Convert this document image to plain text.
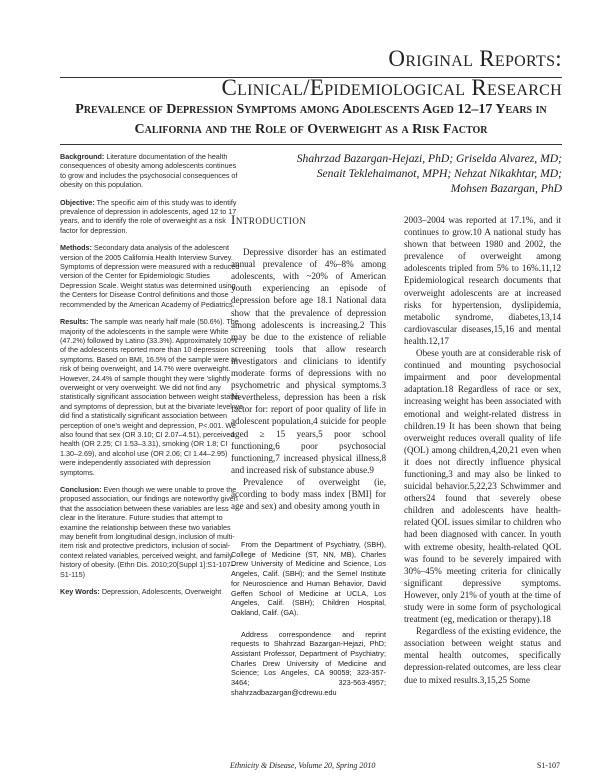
Original Reports:
Clinical/Epidemiological Research
Prevalence of Depression Symptoms among Adolescents Aged 12–17 Years in
California and the Role of Overweight as a Risk Factor

Background: Literature documentation of the health consequences of obesity among adolescents continues to grow and includes the psychosocial consequences of obesity on this population.

Objective: The specific aim of this study was to identify prevalence of depression in adolescents, aged 12 to 17 years, and to identify the role of overweight as a risk factor for depression.

Methods: Secondary data analysis of the adolescent version of the 2005 California Health Interview Survey. Symptoms of depression were measured with a reduced version of the Center for Epidemiologic Studies Depression Scale. Weight status was determined using the Centers for Disease Control definitions and those recommended by the American Academy of Pediatrics.

Results: The sample was nearly half male (50.6%). The majority of the adolescents in the sample were White (47.2%) followed by Latino (33.3%). Approximately 10% of the adolescents reported more than 10 depression symptoms. Based on BMI, 16.5% of the sample were at-risk of being overweight, and 14.7% were overweight. However, 24.4% of sample thought they were 'slightly overweight or very overweight. We did not find any statistically significant association between weight status and symptoms of depression, but at the bivariate level we did find a statistically significant association between perception of one's weight and depression, P<.001. We also found that sex (OR 3.10; CI 2.07–4.51), perceived health (OR 2.25; CI 1.53–3.31), smoking (OR 1.8; CI 1.30–2.69), and alcohol use (OR 2.06; CI 1.44–2.95) were independently associated with depression symptoms.

Conclusion: Even though we were unable to prove the proposed association, our findings are noteworthy given that the association between these variables are less clear in the literature. Future studies that attempt to examine the relationship between these two variables may benefit from longitudinal design, inclusion of multi-item risk and protective predictors, inclusion of social-context related variables, perceived weight, and family history of obesity. (Ethn Dis. 2010;20[Suppl 1]:S1-107–S1-115)

Key Words: Depression, Adolescents, Overweight

Shahrzad Bazargan-Hejazi, PhD; Griselda Alvarez, MD;
Senait Teklehaimanot, MPH; Nehzat Nikakhtar, MD;
Mohsen Bazargan, PhD
Introduction

Depressive disorder has an estimated annual prevalence of 4%–8% among adolescents, with ~20% of American youth experiencing an episode of depression before age 18.1 National data show that the prevalence of depression among adolescents is increasing.2 This may be due to the existence of reliable screening tools that allow research investigators and clinicians to identify moderate forms of depressions with no psychometric and physical symptoms.3 Nevertheless, depression has been a risk factor for: report of poor quality of life in adolescent population,4 suicide for people aged ≥ 15 years,5 poor school functioning,6 poor psychosocial functioning,7 increased physical illness,8 and increased risk of substance abuse.9

Prevalence of overweight (ie, according to body mass index [BMI] for age and sex) and obesity among youth in

From the Department of Psychiatry, (SBH), College of Medicine (ST, NN, MB), Charles Drew University of Medicine and Science, Los Angeles, Calif. (SBH); and the Semel Institute for Neuroscience and Human Behavior, David Geffen School of Medicine at UCLA, Los Angeles, Calif. (SBH); Children Hospital, Oakland, Calif. (GA).

Address correspondence and reprint requests to Shahrzad Bazargan-Hejazi, PhD; Assistant Professor, Department of Psychiatry; Charles Drew University of Medicine and Science; Los Angeles, CA 90059; 323-357-3464; 323-563-4957; shahrzadbazargan@cdrewu.edu

2003–2004 was reported at 17.1%, and it continues to grow.10 A national study has shown that between 1980 and 2002, the prevalence of overweight among adolescents tripled from 5% to 16%.11,12 Epidemiological research documents that overweight adolescents are at increased risks for hypertension, dyslipidemia, metabolic syndrome, diabetes,13,14 cardiovascular diseases,15,16 and mental health.12,17

Obese youth are at considerable risk of continued and mounting psychosocial impairment and poor developmental adaptation.18 Regardless of race or sex, increasing weight has been associated with emotional and weight-related distress in children.19 It has been shown that being overweight reduces overall quality of life (QOL) among children,4,20,21 even when it does not directly influence physical functioning,3 and may also be linked to suicidal behavior.5,22,23 Schwimmer and others24 found that severely obese children and adolescents have health-related QOL issues similar to children who had been diagnosed with cancer. In youth with extreme obesity, health-related QOL was found to be severely impaired with 30%–45% meeting criteria for clinically significant depressive symptoms. However, only 21% of youth at the time of study were in some form of psychological treatment (eg, medication or therapy).18

Regardless of the existing evidence, the association between weight status and mental health outcomes, specifically depression-related outcomes, are less clear due to mixed results.3,15,25 Some

Ethnicity & Disease, Volume 20, Spring 2010	S1-107
